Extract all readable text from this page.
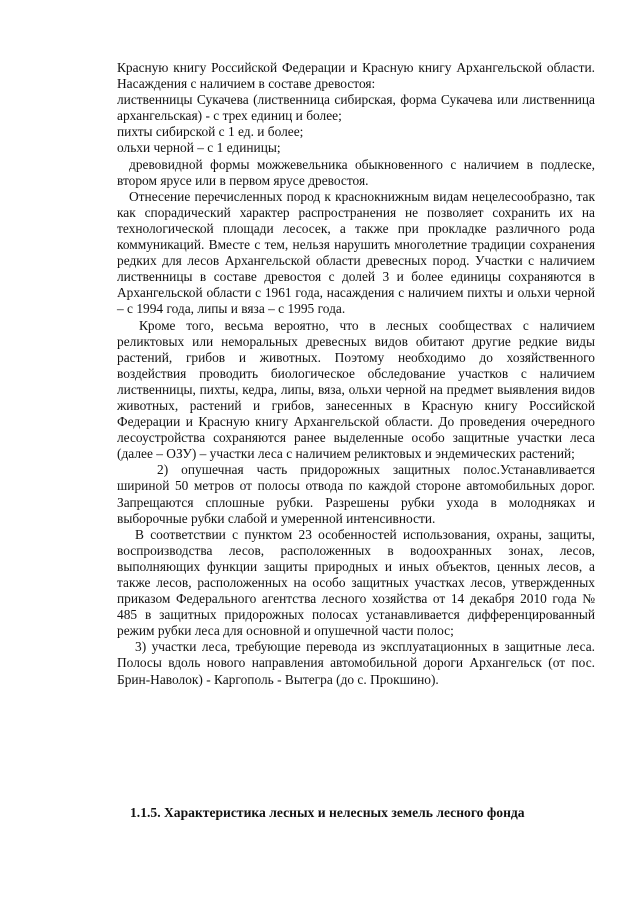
Красную книгу Российской Федерации и Красную книгу Архангельской области. Насаждения с наличием в составе древостоя:

лиственницы Сукачева (лиственница сибирская, форма Сукачева или лиственница архангельская) - с трех единиц и более;

пихты сибирской с 1 ед. и более;

ольхи черной – с 1 единицы;

древовидной формы можжевельника обыкновенного с наличием в подлеске, втором ярусе или в первом ярусе древостоя.

Отнесение перечисленных пород к краснокнижным видам нецелесообразно, так как спорадический характер распространения не позволяет сохранить их на технологической площади лесосек, а также при прокладке различного рода коммуникаций. Вместе с тем, нельзя нарушить многолетние традиции сохранения редких для лесов Архангельской области древесных пород. Участки с наличием лиственницы в составе древостоя с долей 3 и более единицы сохраняются в Архангельской области с 1961 года, насаждения с наличием пихты и ольхи черной – с 1994 года, липы и вяза – с 1995 года.

Кроме того, весьма вероятно, что в лесных сообществах с наличием реликтовых или неморальных древесных видов обитают другие редкие виды растений, грибов и животных. Поэтому необходимо до хозяйственного воздействия проводить биологическое обследование участков с наличием лиственницы, пихты, кедра, липы, вяза, ольхи черной на предмет выявления видов животных, растений и грибов, занесенных в Красную книгу Российской Федерации и Красную книгу Архангельской области. До проведения очередного лесоустройства сохраняются ранее выделенные особо защитные участки леса (далее – ОЗУ) – участки леса с наличием реликтовых и эндемических растений;

2) опушечная часть придорожных защитных полос.Устанавливается шириной 50 метров от полосы отвода по каждой стороне автомобильных дорог. Запрещаются сплошные рубки. Разрешены рубки ухода в молодняках и выборочные рубки слабой и умеренной интенсивности.

В соответствии с пунктом 23 особенностей использования, охраны, защиты, воспроизводства лесов, расположенных в водоохранных зонах, лесов, выполняющих функции защиты природных и иных объектов, ценных лесов, а также лесов, расположенных на особо защитных участках лесов, утвержденных приказом Федерального агентства лесного хозяйства от 14 декабря 2010 года № 485 в защитных придорожных полосах устанавливается дифференцированный режим рубки леса для основной и опушечной части полос;

3) участки леса, требующие перевода из эксплуатационных в защитные леса. Полосы вдоль нового направления автомобильной дороги Архангельск (от пос. Брин-Наволок) - Каргополь - Вытегра (до с. Прокшино).

1.1.5. Характеристика лесных и нелесных земель лесного фонда
